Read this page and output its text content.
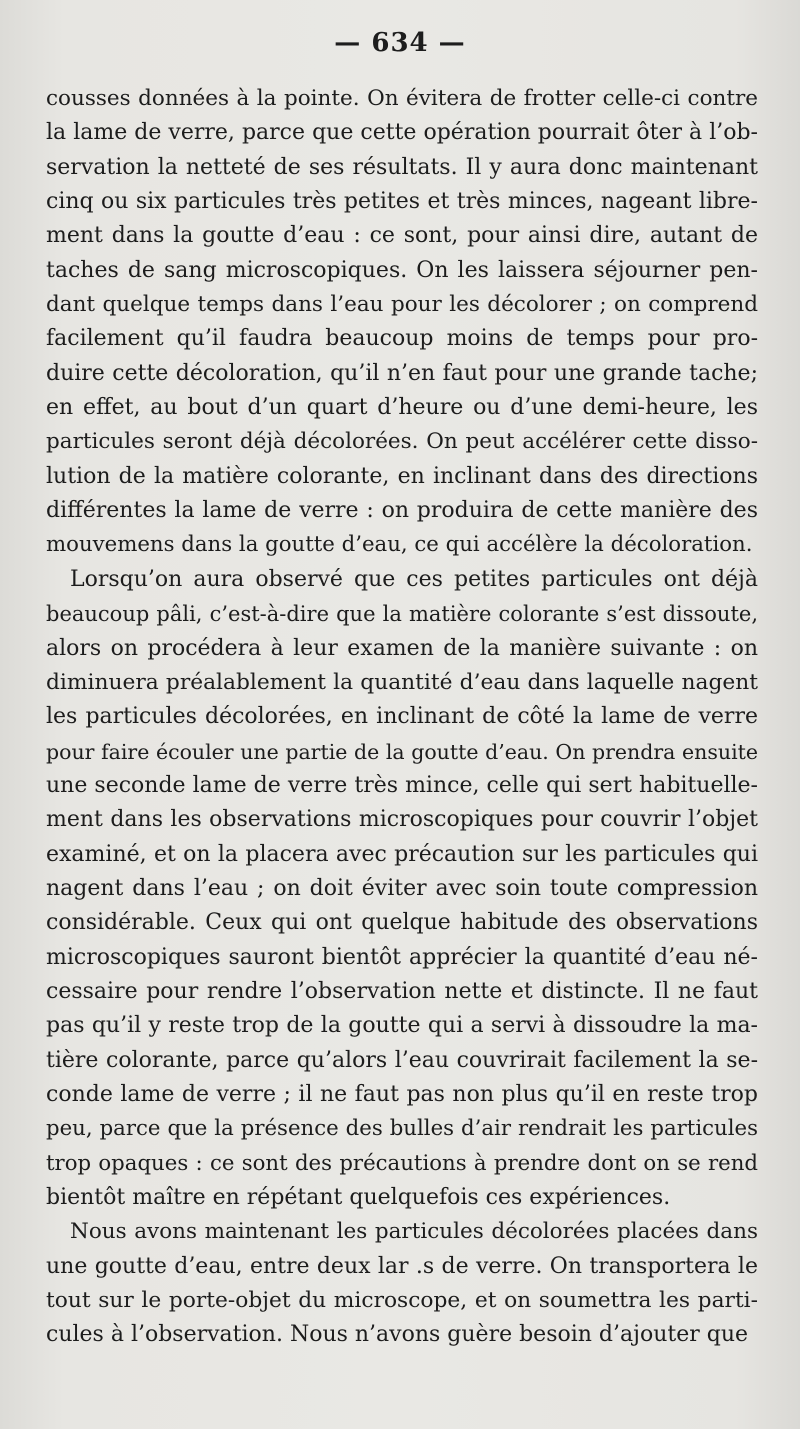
— 634 —
cousses données à la pointe. On évitera de frotter celle-ci contre
la lame de verre, parce que cette opération pourrait ôter à l’ob-
servation la netteté de ses résultats. Il y aura donc maintenant
cinq ou six particules très petites et très minces, nageant libre-
ment dans la goutte d’eau : ce sont, pour ainsi dire, autant de
taches de sang microscopiques. On les laissera séjourner pen-
dant quelque temps dans l’eau pour les décolorer ; on comprend
facilement qu’il faudra beaucoup moins de temps pour pro-
duire cette décoloration, qu’il n’en faut pour une grande tache;
en effet, au bout d’un quart d’heure ou d’une demi-heure, les
particules seront déjà décolorées. On peut accélérer cette disso-
lution de la matière colorante, en inclinant dans des directions
différentes la lame de verre : on produira de cette manière des
mouvemens dans la goutte d’eau, ce qui accélère la décoloration.
Lorsqu’on aura observé que ces petites particules ont déjà
beaucoup pâli, c’est-à-dire que la matière colorante s’est dissoute,
alors on procédera à leur examen de la manière suivante : on
diminuera préalablement la quantité d’eau dans laquelle nagent
les particules décolorées, en inclinant de côté la lame de verre
pour faire écouler une partie de la goutte d’eau. On prendra ensuite
une seconde lame de verre très mince, celle qui sert habituelle-
ment dans les observations microscopiques pour couvrir l’objet
examiné, et on la placera avec précaution sur les particules qui
nagent dans l’eau ; on doit éviter avec soin toute compression
considérable. Ceux qui ont quelque habitude des observations
microscopiques sauront bientôt apprécier la quantité d’eau né-
cessaire pour rendre l’observation nette et distincte. Il ne faut
pas qu’il y reste trop de la goutte qui a servi à dissoudre la ma-
tière colorante, parce qu’alors l’eau couvrirait facilement la se-
conde lame de verre ; il ne faut pas non plus qu’il en reste trop
peu, parce que la présence des bulles d’air rendrait les particules
trop opaques : ce sont des précautions à prendre dont on se rend
bientôt maître en répétant quelquefois ces expériences.
Nous avons maintenant les particules décolorées placées dans
une goutte d’eau, entre deux lar .s de verre. On transportera le
tout sur le porte-objet du microscope, et on soumettra les parti-
cules à l’observation. Nous n’avons guère besoin d’ajouter que
